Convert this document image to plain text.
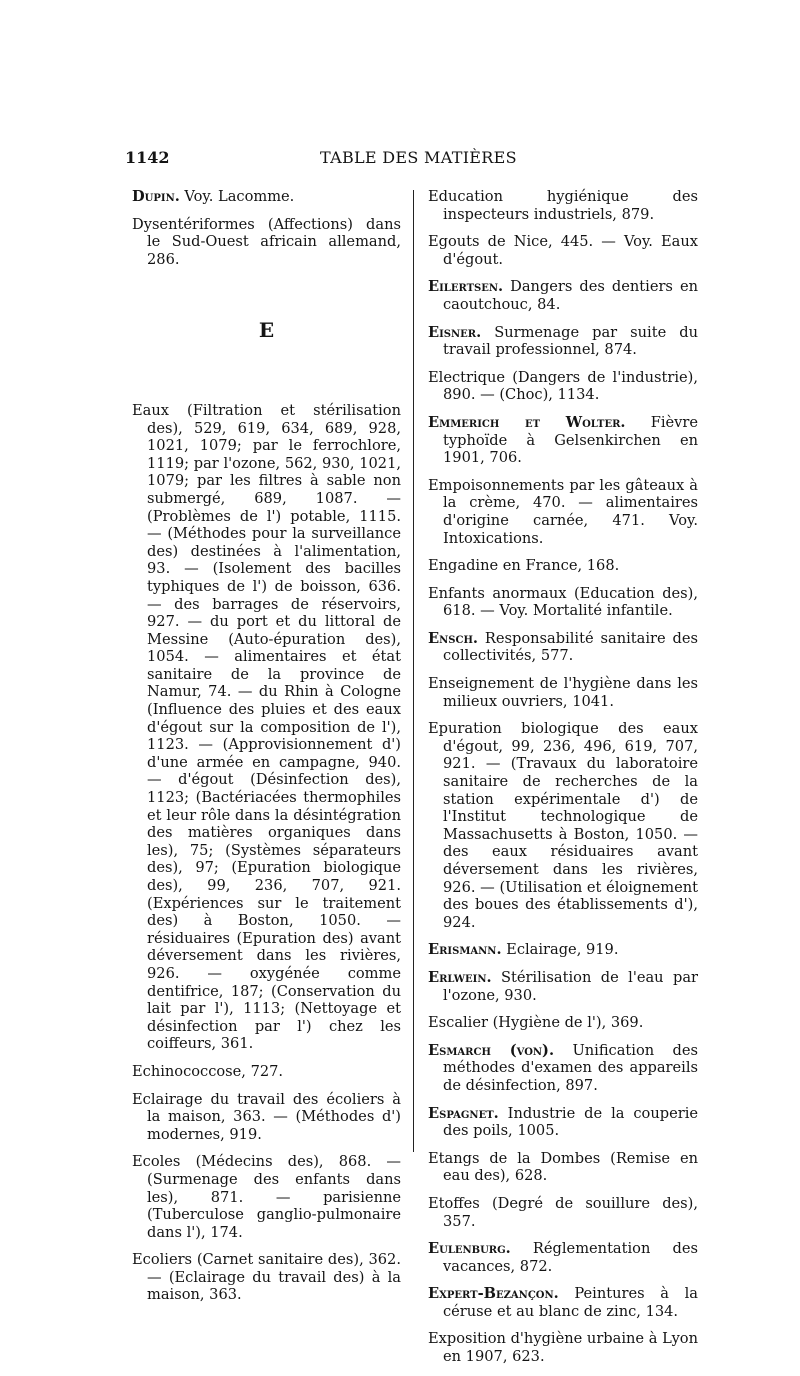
1142	TABLE DES MATIÈRES

Dupin. Voy. Lacomme.

Dysentériformes (Affections) dans le Sud-Ouest africain allemand, 286.

E

Eaux (Filtration et stérilisation des), 529, 619, 634, 689, 928, 1021, 1079; par le ferrochlore, 1119; par l'ozone, 562, 930, 1021, 1079; par les filtres à sable non submergé, 689, 1087. — (Problèmes de l') potable, 1115. — (Méthodes pour la surveillance des) destinées à l'alimentation, 93. — (Isolement des bacilles typhiques de l') de boisson, 636. — des barrages de réservoirs, 927. — du port et du littoral de Messine (Auto-épuration des), 1054. — alimentaires et état sanitaire de la province de Namur, 74. — du Rhin à Cologne (Influence des pluies et des eaux d'égout sur la composition de l'), 1123. — (Approvisionnement d') d'une armée en campagne, 940. — d'égout (Désinfection des), 1123; (Bactériacées thermophiles et leur rôle dans la désintégration des matières organiques dans les), 75; (Systèmes séparateurs des), 97; (Epuration biologique des), 99, 236, 707, 921. (Expériences sur le traitement des) à Boston, 1050. — résiduaires (Epuration des) avant déversement dans les rivières, 926. — oxygénée comme dentifrice, 187; (Conservation du lait par l'), 1113; (Nettoyage et désinfection par l') chez les coiffeurs, 361.

Echinococcose, 727.

Eclairage du travail des écoliers à la maison, 363. — (Méthodes d') modernes, 919.

Ecoles (Médecins des), 868. — (Surmenage des enfants dans les), 871. — parisienne (Tuberculose ganglio-pulmonaire dans l'), 174.

Ecoliers (Carnet sanitaire des), 362. — (Eclairage du travail des) à la maison, 363.

Education hygiénique des inspecteurs industriels, 879.

Egouts de Nice, 445. — Voy. Eaux d'égout.

Eilertsen. Dangers des dentiers en caoutchouc, 84.

Eisner. Surmenage par suite du travail professionnel, 874.

Electrique (Dangers de l'industrie), 890. — (Choc), 1134.

Emmerich et Wolter. Fièvre typhoïde à Gelsenkirchen en 1901, 706.

Empoisonnements par les gâteaux à la crème, 470. — alimentaires d'origine carnée, 471. Voy. Intoxications.

Engadine en France, 168.

Enfants anormaux (Education des), 618. — Voy. Mortalité infantile.

Ensch. Responsabilité sanitaire des collectivités, 577.

Enseignement de l'hygiène dans les milieux ouvriers, 1041.

Epuration biologique des eaux d'égout, 99, 236, 496, 619, 707, 921. — (Travaux du laboratoire sanitaire de recherches de la station expérimentale d') de l'Institut technologique de Massachusetts à Boston, 1050. — des eaux résiduaires avant déversement dans les rivières, 926. — (Utilisation et éloignement des boues des établissements d'), 924.

Erismann. Eclairage, 919.

Erlwein. Stérilisation de l'eau par l'ozone, 930.

Escalier (Hygiène de l'), 369.

Esmarch (von). Unification des méthodes d'examen des appareils de désinfection, 897.

Espagnet. Industrie de la couperie des poils, 1005.

Etangs de la Dombes (Remise en eau des), 628.

Etoffes (Degré de souillure des), 357.

Eulenburg. Réglementation des vacances, 872.

Expert-Bezançon. Peintures à la céruse et au blanc de zinc, 134.

Exposition d'hygiène urbaine à Lyon en 1907, 623.
